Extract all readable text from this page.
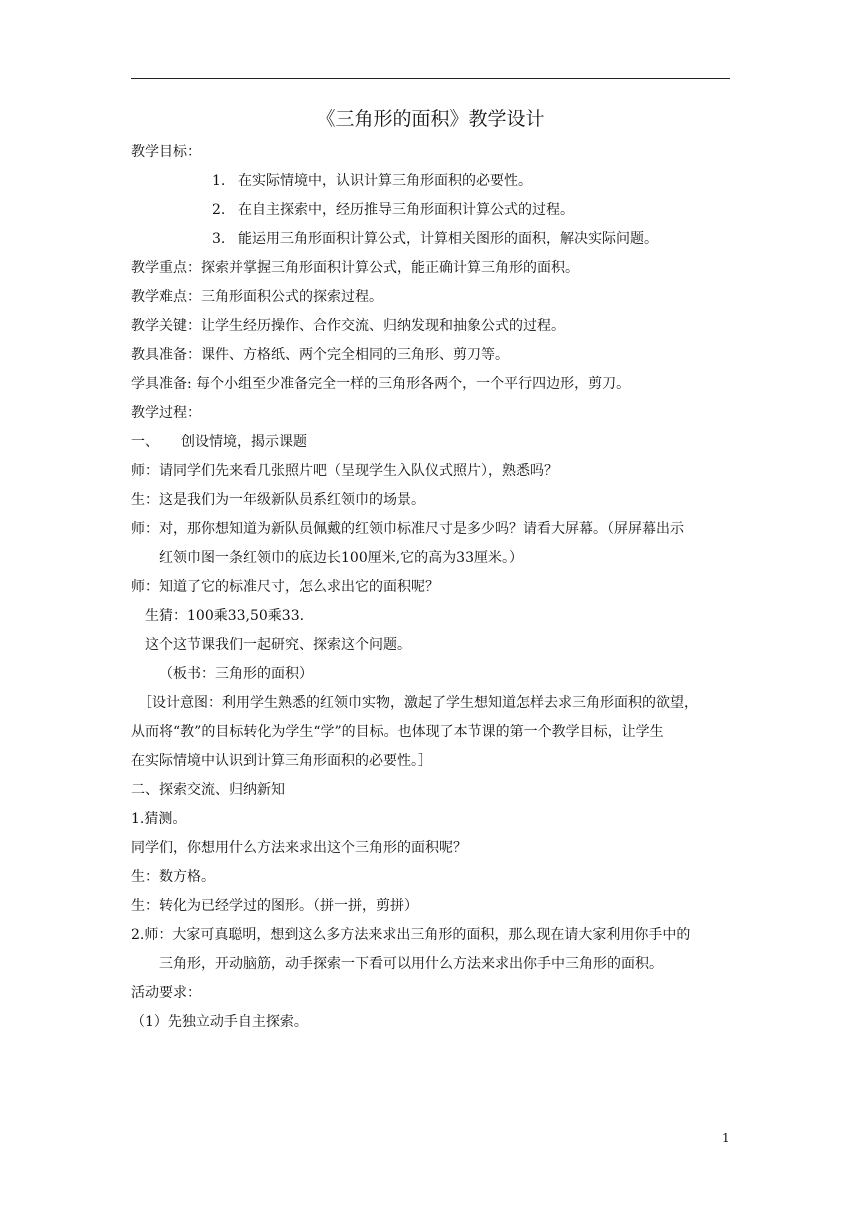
《三角形的面积》教学设计
教学目标：
1. 在实际情境中，认识计算三角形面积的必要性。
2. 在自主探索中，经历推导三角形面积计算公式的过程。
3. 能运用三角形面积计算公式，计算相关图形的面积，解决实际问题。
教学重点：探索并掌握三角形面积计算公式，能正确计算三角形的面积。
教学难点：三角形面积公式的探索过程。
教学关键：让学生经历操作、合作交流、归纳发现和抽象公式的过程。
教具准备：课件、方格纸、两个完全相同的三角形、剪刀等。
学具准备: 每个小组至少准备完全一样的三角形各两个，一个平行四边形，剪刀。
教学过程：
一、 创设情境，揭示课题
师：请同学们先来看几张照片吧（呈现学生入队仪式照片），熟悉吗？
生：这是我们为一年级新队员系红领巾的场景。
师：对，那你想知道为新队员佩戴的红领巾标准尺寸是多少吗？请看大屏幕。（屏屏幕出示
红领巾图一条红领巾的底边长100厘米,它的高为33厘米。）
师：知道了它的标准尺寸，怎么求出它的面积呢？
生猜：100乘33,50乘33.
这个这节课我们一起研究、探索这个问题。
（板书：三角形的面积）
［设计意图：利用学生熟悉的红领巾实物，激起了学生想知道怎样去求三角形面积的欲望，
从而将“教”的目标转化为学生“学”的目标。也体现了本节课的第一个教学目标，让学生
在实际情境中认识到计算三角形面积的必要性。］
二、探索交流、归纳新知
1.猜测。
同学们，你想用什么方法来求出这个三角形的面积呢？
生：数方格。
生：转化为已经学过的图形。（拼一拼，剪拼）
2.师：大家可真聪明，想到这么多方法来求出三角形的面积，那么现在请大家利用你手中的
三角形，开动脑筋，动手探索一下看可以用什么方法来求出你手中三角形的面积。
活动要求：
（1）先独立动手自主探索。
1
